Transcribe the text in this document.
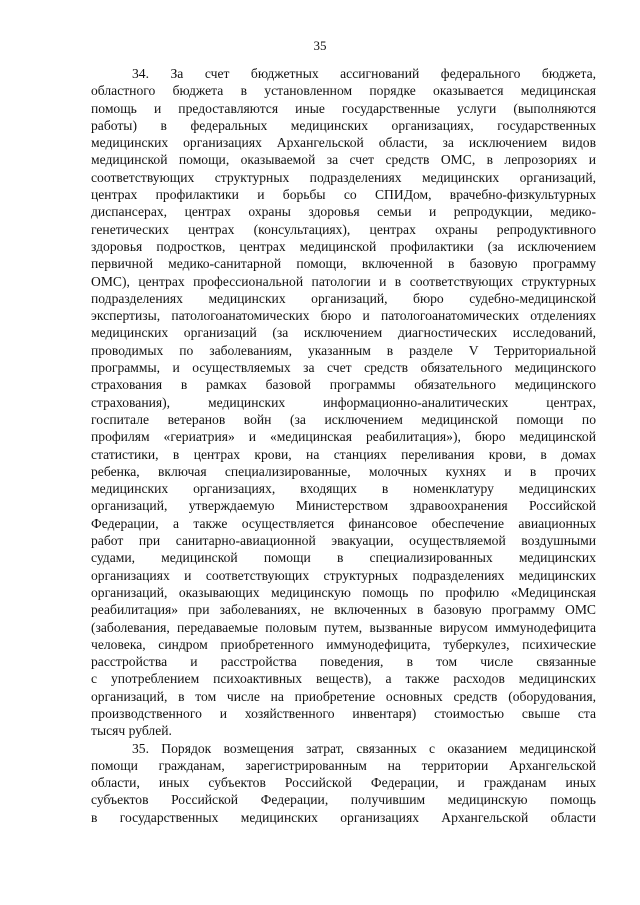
35
34. За счет бюджетных ассигнований федерального бюджета,
областного бюджета в установленном порядке оказывается медицинская
помощь и предоставляются иные государственные услуги (выполняются
работы) в федеральных медицинских организациях, государственных
медицинских организациях Архангельской области, за исключением видов
медицинской помощи, оказываемой за счет средств ОМС, в лепрозориях и
соответствующих структурных подразделениях медицинских организаций,
центрах профилактики и борьбы со СПИДом, врачебно-физкультурных
диспансерах, центрах охраны здоровья семьи и репродукции, медико-
генетических центрах (консультациях), центрах охраны репродуктивного
здоровья подростков, центрах медицинской профилактики (за исключением
первичной медико-санитарной помощи, включенной в базовую программу
ОМС), центрах профессиональной патологии и в соответствующих структурных
подразделениях медицинских организаций, бюро судебно-медицинской
экспертизы, патологоанатомических бюро и патологоанатомических отделениях
медицинских организаций (за исключением диагностических исследований,
проводимых по заболеваниям, указанным в разделе V Территориальной
программы, и осуществляемых за счет средств обязательного медицинского
страхования в рамках базовой программы обязательного медицинского
страхования), медицинских информационно-аналитических центрах,
госпитале ветеранов войн (за исключением медицинской помощи по
профилям «гериатрия» и «медицинская реабилитация»), бюро медицинской
статистики, в центрах крови, на станциях переливания крови, в домах
ребенка, включая специализированные, молочных кухнях и в прочих
медицинских организациях, входящих в номенклатуру медицинских
организаций, утверждаемую Министерством здравоохранения Российской
Федерации, а также осуществляется финансовое обеспечение авиационных
работ при санитарно-авиационной эвакуации, осуществляемой воздушными
судами, медицинской помощи в специализированных медицинских
организациях и соответствующих структурных подразделениях медицинских
организаций, оказывающих медицинскую помощь по профилю «Медицинская
реабилитация» при заболеваниях, не включенных в базовую программу ОМС
(заболевания, передаваемые половым путем, вызванные вирусом иммунодефицита
человека, синдром приобретенного иммунодефицита, туберкулез, психические
расстройства и расстройства поведения, в том числе связанные
с употреблением психоактивных веществ), а также расходов медицинских
организаций, в том числе на приобретение основных средств (оборудования,
производственного и хозяйственного инвентаря) стоимостью свыше ста
тысяч рублей.
35. Порядок возмещения затрат, связанных с оказанием медицинской
помощи гражданам, зарегистрированным на территории Архангельской
области, иных субъектов Российской Федерации, и гражданам иных
субъектов Российской Федерации, получившим медицинскую помощь
в государственных медицинских организациях Архангельской области
